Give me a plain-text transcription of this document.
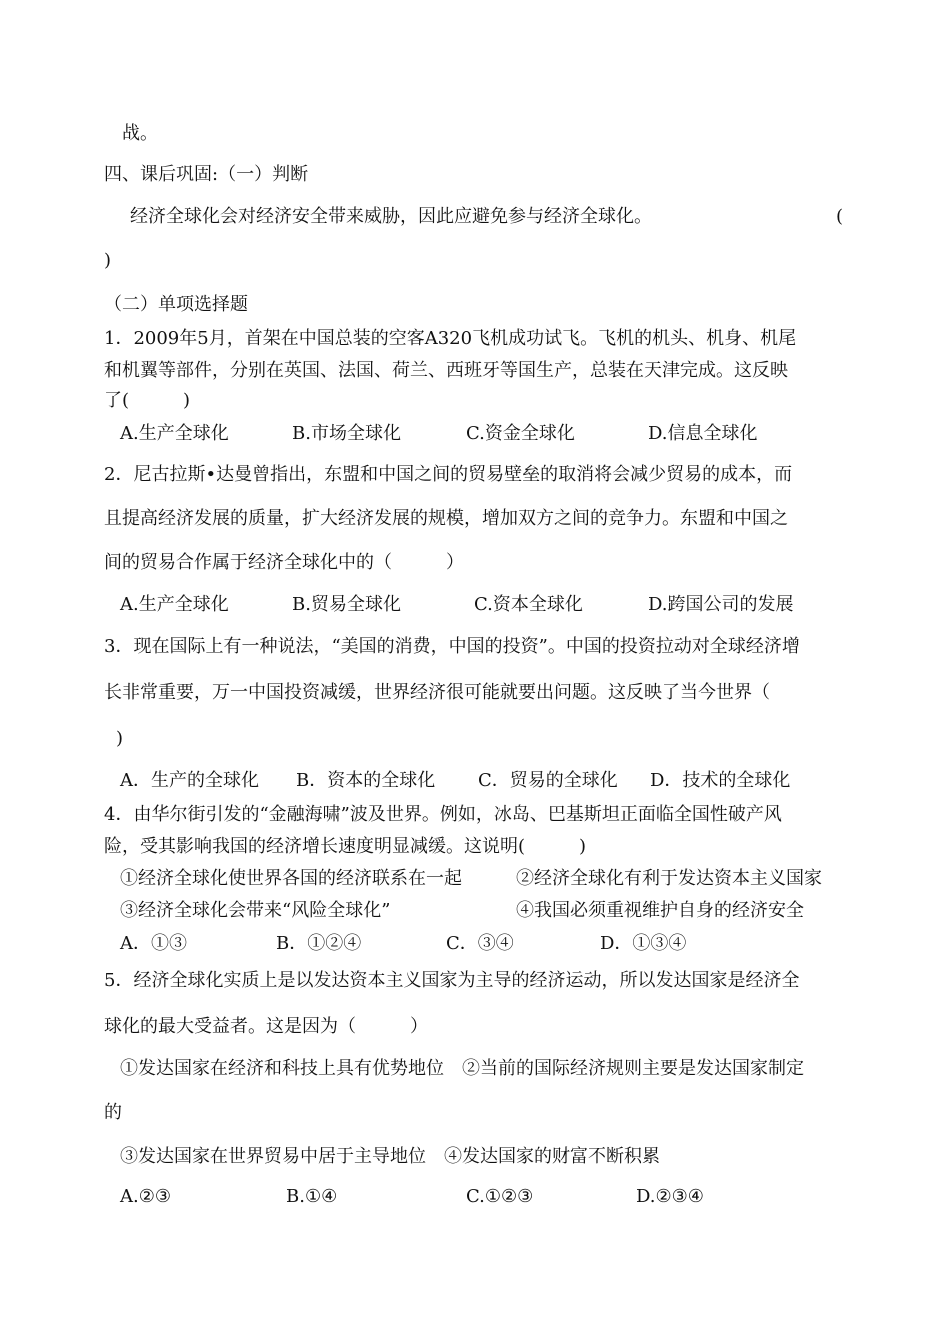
战。
四、课后巩固:（一）判断
经济全球化会对经济安全带来威胁，因此应避免参与经济全球化。	(
)
（二）单项选择题
1．2009年5月，首架在中国总装的空客A320飞机成功试飞。飞机的机头、机身、机尾
和机翼等部件，分别在英国、法国、荷兰、西班牙等国生产，总装在天津完成。这反映
了(　　　)
A.生产全球化	B.市场全球化	C.资金全球化	D.信息全球化
2．尼古拉斯•达曼曾指出，东盟和中国之间的贸易壁垒的取消将会减少贸易的成本，而
且提高经济发展的质量，扩大经济发展的规模，增加双方之间的竞争力。东盟和中国之
间的贸易合作属于经济全球化中的（　　　）
A.生产全球化	B.贸易全球化	C.资本全球化	D.跨国公司的发展
3．现在国际上有一种说法，“美国的消费，中国的投资”。中国的投资拉动对全球经济增
长非常重要，万一中国投资减缓，世界经济很可能就要出问题。这反映了当今世界（
)
A．生产的全球化 B．资本的全球化 C．贸易的全球化 D．技术的全球化
4．由华尔街引发的“金融海啸”波及世界。例如，冰岛、巴基斯坦正面临全国性破产风
险，受其影响我国的经济增长速度明显减缓。这说明(　　　)
①经济全球化使世界各国的经济联系在一起	②经济全球化有利于发达资本主义国家
③经济全球化会带来“风险全球化”	④我国必须重视维护自身的经济安全
A．①③	B．①②④	C．③④	D．①③④
5．经济全球化实质上是以发达资本主义国家为主导的经济运动，所以发达国家是经济全
球化的最大受益者。这是因为（　　　）
①发达国家在经济和科技上具有优势地位　②当前的国际经济规则主要是发达国家制定
的
③发达国家在世界贸易中居于主导地位　④发达国家的财富不断积累
A.②③	B.①④	C.①②③	D.②③④
